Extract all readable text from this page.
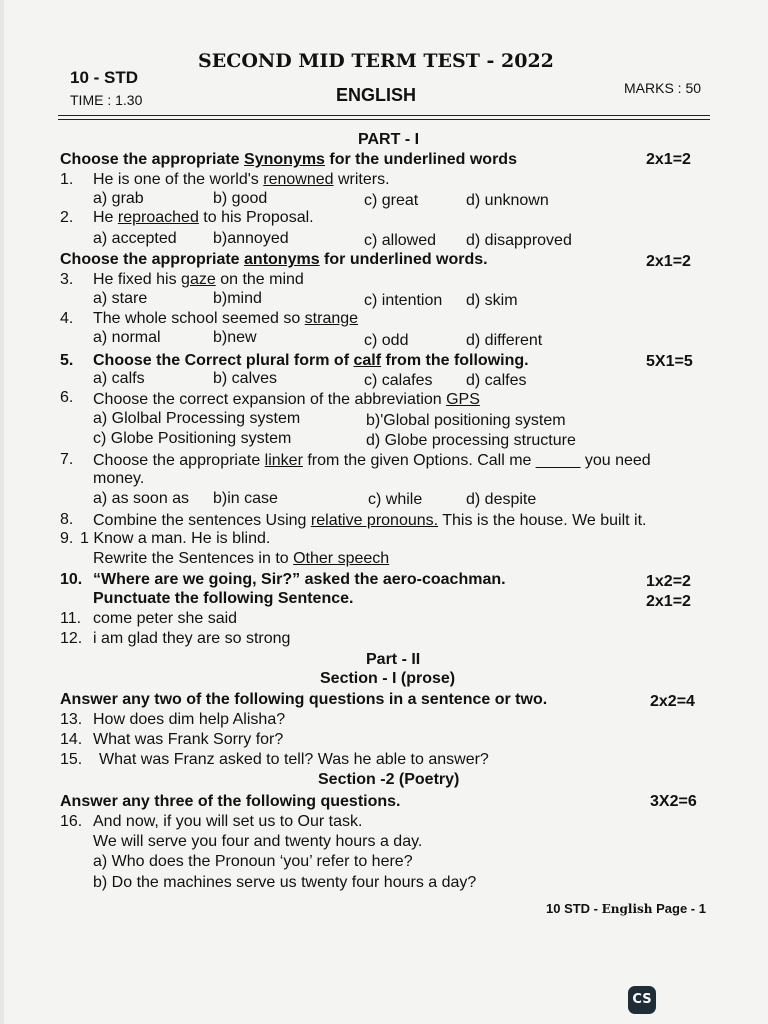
SECOND MID TERM TEST - 2022
10 - STD
TIME : 1.30	ENGLISH	MARKS : 50
PART - I
Choose the appropriate Synonyms for the underlined words	2x1=2
1. He is one of the world's renowned writers.
a) grab	b) good	c) great	d) unknown
2. He reproached to his Proposal.
a) accepted b)annoyed	c) allowed d) disapproved
Choose the appropriate antonyms for underlined words.	2x1=2
3. He fixed his gaze on the mind
a) stare	b)mind	c) intention d) skim
4. The whole school seemed so strange
a) normal	b)new	c) odd	d) different
5. Choose the Correct plural form of calf from the following.	5X1=5
a) calfs	b) calves	c) calafes d) calfes
6. Choose the correct expansion of the abbreviation GPS
a) Glolbal Processing system	b)'Global positioning system
c) Globe Positioning system	d) Globe processing structure
7. Choose the appropriate linker from the given Options. Call me _____ you need
money.
a) as soon as b)in case	c) while	d) despite
8. Combine the sentences Using relative pronouns. This is the house. We built it.
9. 1 Know a man. He is blind.
Rewrite the Sentences in to Other speech
10. “Where are we going, Sir?” asked the aero-coachman.	1x2=2
Punctuate the following Sentence.	2x1=2
11. come peter she said
12. i am glad they are so strong
Part - II
Section - I (prose)
Answer any two of the following questions in a sentence or two.	2x2=4
13. How does dim help Alisha?
14. What was Frank Sorry for?
15. What was Franz asked to tell? Was he able to answer?
Section -2 (Poetry)
Answer any three of the following questions.	3X2=6
16. And now, if you will set us to Our task.
We will serve you four and twenty hours a day.
a) Who does the Pronoun ‘you’ refer to here?
b) Do the machines serve us twenty four hours a day?
10 STD - English Page - 1
CS
